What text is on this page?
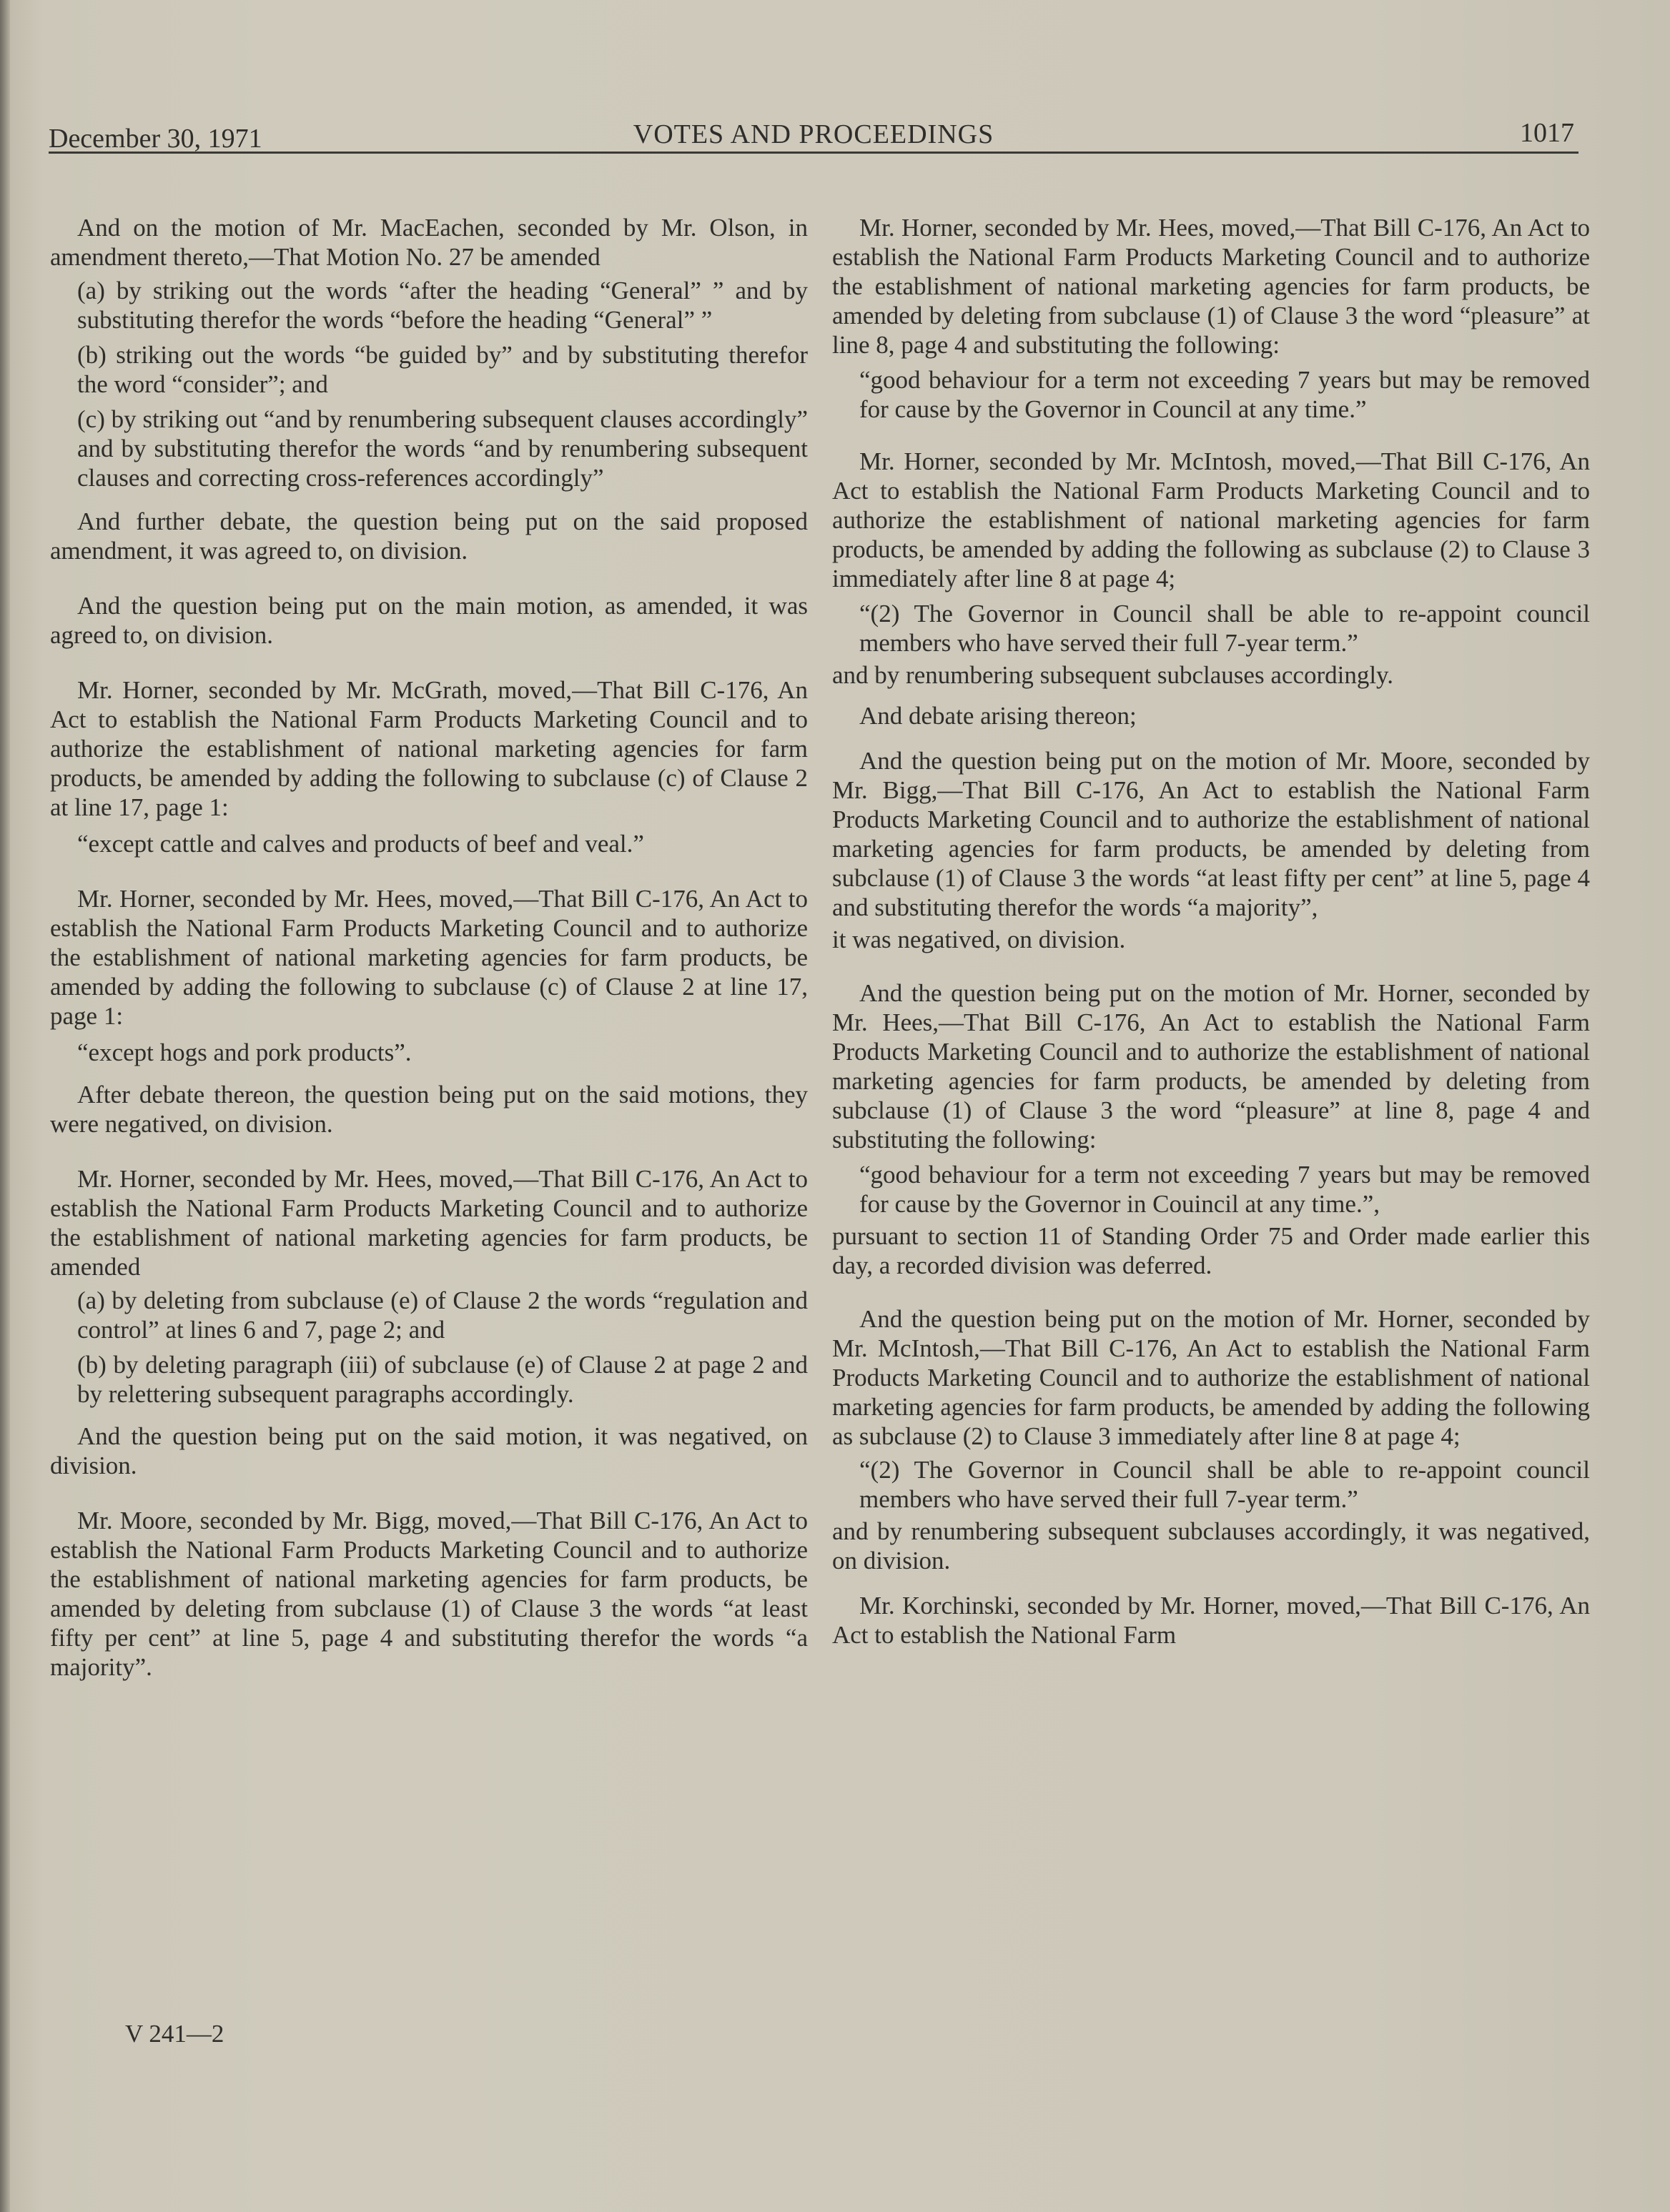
December 30, 1971	VOTES AND PROCEEDINGS	1017

And on the motion of Mr. MacEachen, seconded by Mr. Olson, in amendment thereto,—That Motion No. 27 be amended

(a) by striking out the words “after the heading “General” ” and by substituting therefor the words “before the heading “General” ”

(b) striking out the words “be guided by” and by substituting therefor the word “consider”; and

(c) by striking out “and by renumbering subsequent clauses accordingly” and by substituting therefor the words “and by renumbering subsequent clauses and correcting cross-references accordingly”

And further debate, the question being put on the said proposed amendment, it was agreed to, on division.

And the question being put on the main motion, as amended, it was agreed to, on division.

Mr. Horner, seconded by Mr. McGrath, moved,—That Bill C-176, An Act to establish the National Farm Products Marketing Council and to authorize the establishment of national marketing agencies for farm products, be amended by adding the following to subclause (c) of Clause 2 at line 17, page 1:

“except cattle and calves and products of beef and veal.”

Mr. Horner, seconded by Mr. Hees, moved,—That Bill C-176, An Act to establish the National Farm Products Marketing Council and to authorize the establishment of national marketing agencies for farm products, be amended by adding the following to subclause (c) of Clause 2 at line 17, page 1:

“except hogs and pork products”.

After debate thereon, the question being put on the said motions, they were negatived, on division.

Mr. Horner, seconded by Mr. Hees, moved,—That Bill C-176, An Act to establish the National Farm Products Marketing Council and to authorize the establishment of national marketing agencies for farm products, be amended

(a) by deleting from subclause (e) of Clause 2 the words “regulation and control” at lines 6 and 7, page 2; and

(b) by deleting paragraph (iii) of subclause (e) of Clause 2 at page 2 and by relettering subsequent paragraphs accordingly.

And the question being put on the said motion, it was negatived, on division.

Mr. Moore, seconded by Mr. Bigg, moved,—That Bill C-176, An Act to establish the National Farm Products Marketing Council and to authorize the establishment of national marketing agencies for farm products, be amended by deleting from subclause (1) of Clause 3 the words “at least fifty per cent” at line 5, page 4 and substituting therefor the words “a majority”.

Mr. Horner, seconded by Mr. Hees, moved,—That Bill C-176, An Act to establish the National Farm Products Marketing Council and to authorize the establishment of national marketing agencies for farm products, be amended by deleting from subclause (1) of Clause 3 the word “pleasure” at line 8, page 4 and substituting the following:

“good behaviour for a term not exceeding 7 years but may be removed for cause by the Governor in Council at any time.”

Mr. Horner, seconded by Mr. McIntosh, moved,—That Bill C-176, An Act to establish the National Farm Products Marketing Council and to authorize the establishment of national marketing agencies for farm products, be amended by adding the following as subclause (2) to Clause 3 immediately after line 8 at page 4;

“(2) The Governor in Council shall be able to re-appoint council members who have served their full 7-year term.”

and by renumbering subsequent subclauses accordingly.

And debate arising thereon;

And the question being put on the motion of Mr. Moore, seconded by Mr. Bigg,—That Bill C-176, An Act to establish the National Farm Products Marketing Council and to authorize the establishment of national marketing agencies for farm products, be amended by deleting from subclause (1) of Clause 3 the words “at least fifty per cent” at line 5, page 4 and substituting therefor the words “a majority”,

it was negatived, on division.

And the question being put on the motion of Mr. Horner, seconded by Mr. Hees,—That Bill C-176, An Act to establish the National Farm Products Marketing Council and to authorize the establishment of national marketing agencies for farm products, be amended by deleting from subclause (1) of Clause 3 the word “pleasure” at line 8, page 4 and substituting the following:

“good behaviour for a term not exceeding 7 years but may be removed for cause by the Governor in Couincil at any time.”,

pursuant to section 11 of Standing Order 75 and Order made earlier this day, a recorded division was deferred.

And the question being put on the motion of Mr. Horner, seconded by Mr. McIntosh,—That Bill C-176, An Act to establish the National Farm Products Marketing Council and to authorize the establishment of national marketing agencies for farm products, be amended by adding the following as subclause (2) to Clause 3 immediately after line 8 at page 4;

“(2) The Governor in Council shall be able to re-appoint council members who have served their full 7-year term.”

and by renumbering subsequent subclauses accordingly, it was negatived, on division.

Mr. Korchinski, seconded by Mr. Horner, moved,—That Bill C-176, An Act to establish the National Farm

V 241—2
